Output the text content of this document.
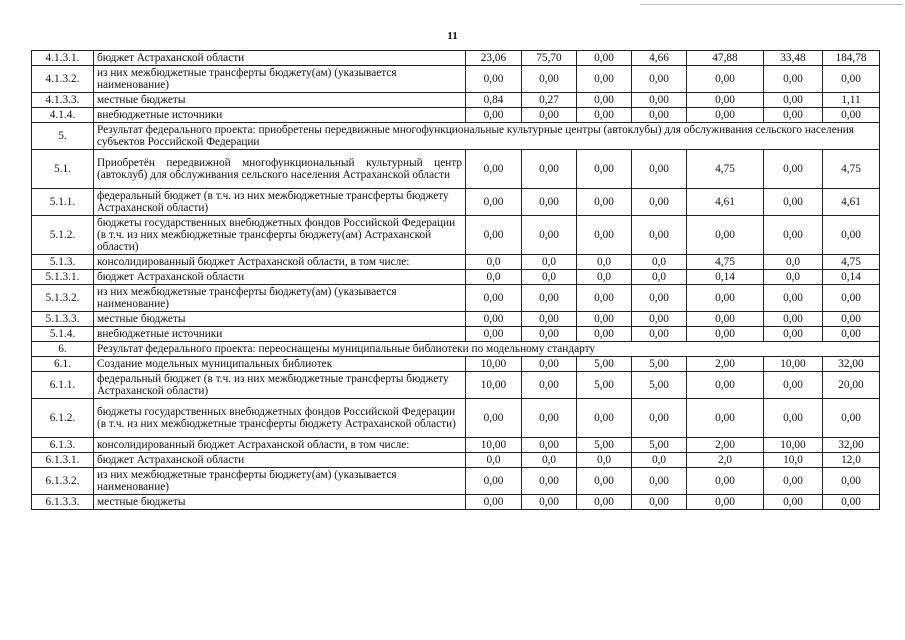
11
4.1.3.1.	бюджет Астраханской области	23,06	75,70	0,00	4,66	47,88	33,48	184,78
4.1.3.2.	из них межбюджетные трансферты бюджету(ам) (указывается наименование)	0,00	0,00	0,00	0,00	0,00	0,00	0,00
4.1.3.3.	местные бюджеты	0,84	0,27	0,00	0,00	0,00	0,00	1,11
4.1.4.	внебюджетные источники	0,00	0,00	0,00	0,00	0,00	0,00	0,00
5.	Результат федерального проекта: приобретены передвижные многофункциональные культурные центры (автоклубы) для обслуживания сельского населения субъектов Российской Федерации							
5.1.	Приобретён передвижной многофункциональный культурный центр (автоклуб) для обслуживания сельского населения Астраханской области	0,00	0,00	0,00	0,00	4,75	0,00	4,75
5.1.1.	федеральный бюджет (в т.ч. из них межбюджетные трансферты бюджету Астраханской области)	0,00	0,00	0,00	0,00	4,61	0,00	4,61
5.1.2.	бюджеты государственных внебюджетных фондов Российской Федерации (в т.ч. из них межбюджетные трансферты бюджету(ам) Астраханской области)	0,00	0,00	0,00	0,00	0,00	0,00	0,00
5.1.3.	консолидированный бюджет Астраханской области, в том числе:	0,0	0,0	0,0	0,0	4,75	0,0	4,75
5.1.3.1.	бюджет Астраханской области	0,0	0,0	0,0	0,0	0,14	0,0	0,14
5.1.3.2.	из них межбюджетные трансферты бюджету(ам) (указывается наименование)	0,00	0,00	0,00	0,00	0,00	0,00	0,00
5.1.3.3.	местные бюджеты	0,00	0,00	0,00	0,00	0,00	0,00	0,00
5.1.4.	внебюджетные источники	0,00	0,00	0,00	0,00	0,00	0,00	0,00
6.	Результат федерального проекта: переоснащены муниципальные библиотеки по модельному стандарту							
6.1.	Создание модельных муниципальных библиотек	10,00	0,00	5,00	5,00	2,00	10,00	32,00
6.1.1.	федеральный бюджет (в т.ч. из них межбюджетные трансферты бюджету Астраханской области)	10,00	0,00	5,00	5,00	0,00	0,00	20,00
6.1.2.	бюджеты государственных внебюджетных фондов Российской Федерации (в т.ч. из них межбюджетные трансферты бюджету Астраханской области)	0,00	0,00	0,00	0,00	0,00	0,00	0,00
6.1.3.	консолидированный бюджет Астраханской области, в том числе:	10,00	0,00	5,00	5,00	2,00	10,00	32,00
6.1.3.1.	бюджет Астраханской области	0,0	0,0	0,0	0,0	2,0	10,0	12,0
6.1.3.2.	из них межбюджетные трансферты бюджету(ам) (указывается наименование)	0,00	0,00	0,00	0,00	0,00	0,00	0,00
6.1.3.3.	местные бюджеты	0,00	0,00	0,00	0,00	0,00	0,00	0,00
